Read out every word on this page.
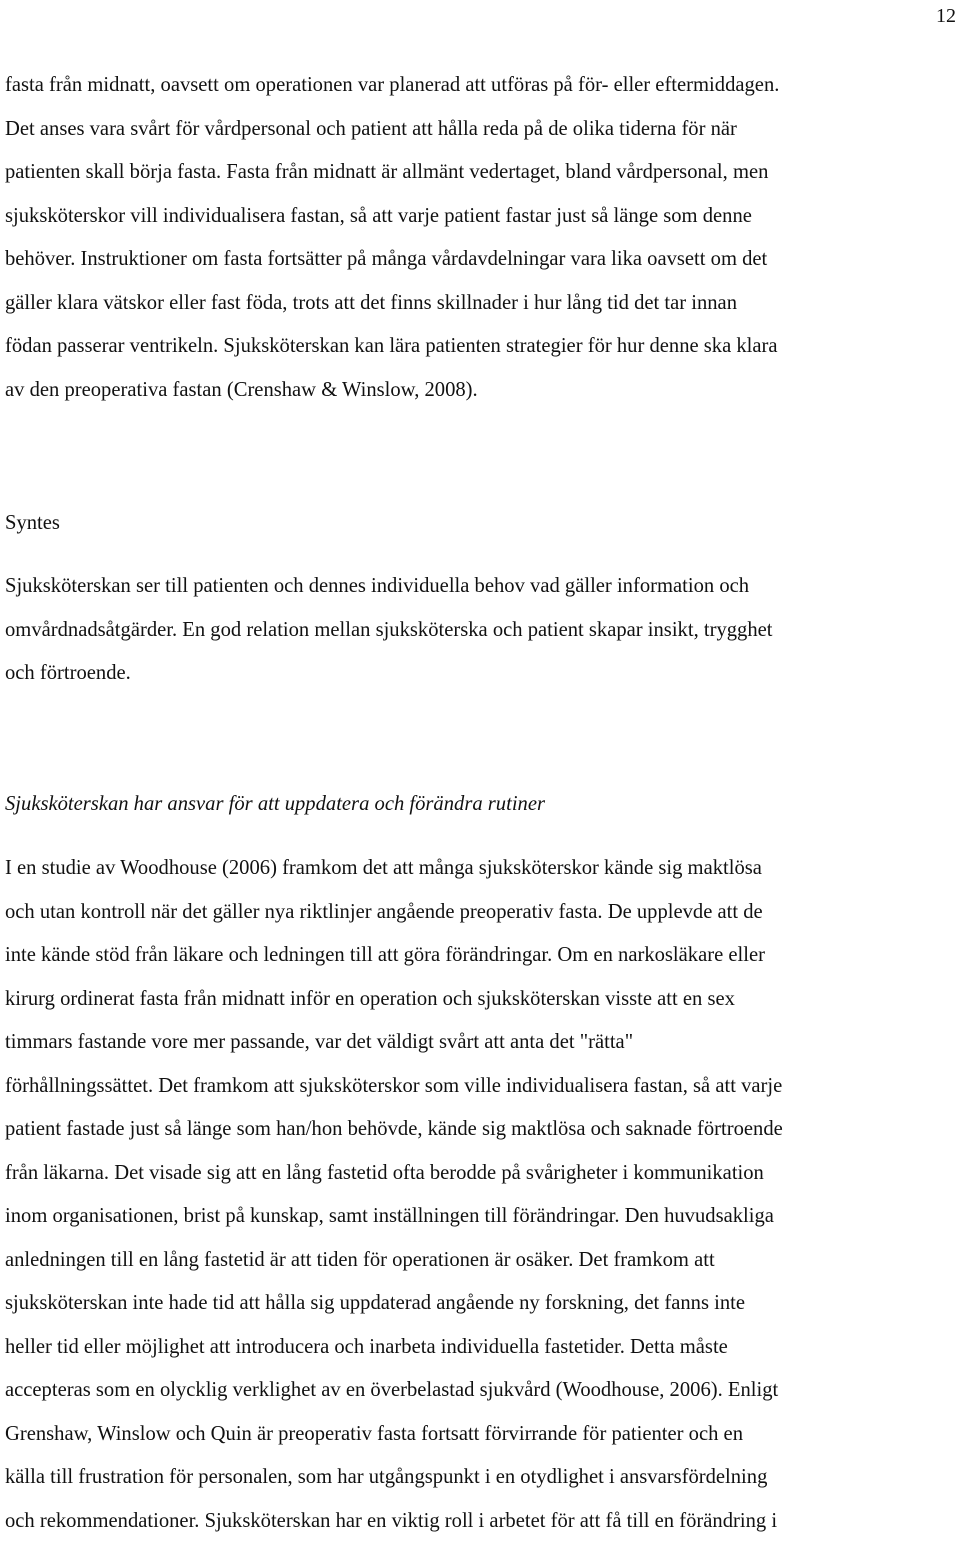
12
fasta från midnatt, oavsett om operationen var planerad att utföras på för- eller eftermiddagen.
Det anses vara svårt för vårdpersonal och patient att hålla reda på de olika tiderna för när
patienten skall börja fasta. Fasta från midnatt är allmänt vedertaget, bland vårdpersonal, men
sjuksköterskor vill individualisera fastan, så att varje patient fastar just så länge som denne
behöver. Instruktioner om fasta fortsätter på många vårdavdelningar vara lika oavsett om det
gäller klara vätskor eller fast föda, trots att det finns skillnader i hur lång tid det tar innan
födan passerar ventrikeln. Sjuksköterskan kan lära patienten strategier för hur denne ska klara
av den preoperativa fastan (Crenshaw & Winslow, 2008).
Syntes
Sjuksköterskan ser till patienten och dennes individuella behov vad gäller information och
omvårdnadsåtgärder. En god relation mellan sjuksköterska och patient skapar insikt, trygghet
och förtroende.
Sjuksköterskan har ansvar för att uppdatera och förändra rutiner
I en studie av Woodhouse (2006) framkom det att många sjuksköterskor kände sig maktlösa
och utan kontroll när det gäller nya riktlinjer angående preoperativ fasta. De upplevde att de
inte kände stöd från läkare och ledningen till att göra förändringar. Om en narkosläkare eller
kirurg ordinerat fasta från midnatt inför en operation och sjuksköterskan visste att en sex
timmars fastande vore mer passande, var det väldigt svårt att anta det "rätta"
förhållningssättet. Det framkom att sjuksköterskor som ville individualisera fastan, så att varje
patient fastade just så länge som han/hon behövde, kände sig maktlösa och saknade förtroende
från läkarna. Det visade sig att en lång fastetid ofta berodde på svårigheter i kommunikation
inom organisationen, brist på kunskap, samt inställningen till förändringar. Den huvudsakliga
anledningen till en lång fastetid är att tiden för operationen är osäker. Det framkom att
sjuksköterskan inte hade tid att hålla sig uppdaterad angående ny forskning, det fanns inte
heller tid eller möjlighet att introducera och inarbeta individuella fastetider. Detta måste
accepteras som en olycklig verklighet av en överbelastad sjukvård (Woodhouse, 2006). Enligt
Grenshaw, Winslow och Quin är preoperativ fasta fortsatt förvirrande för patienter och en
källa till frustration för personalen, som har utgångspunkt i en otydlighet i ansvarsfördelning
och rekommendationer. Sjuksköterskan har en viktig roll i arbetet för att få till en förändring i
